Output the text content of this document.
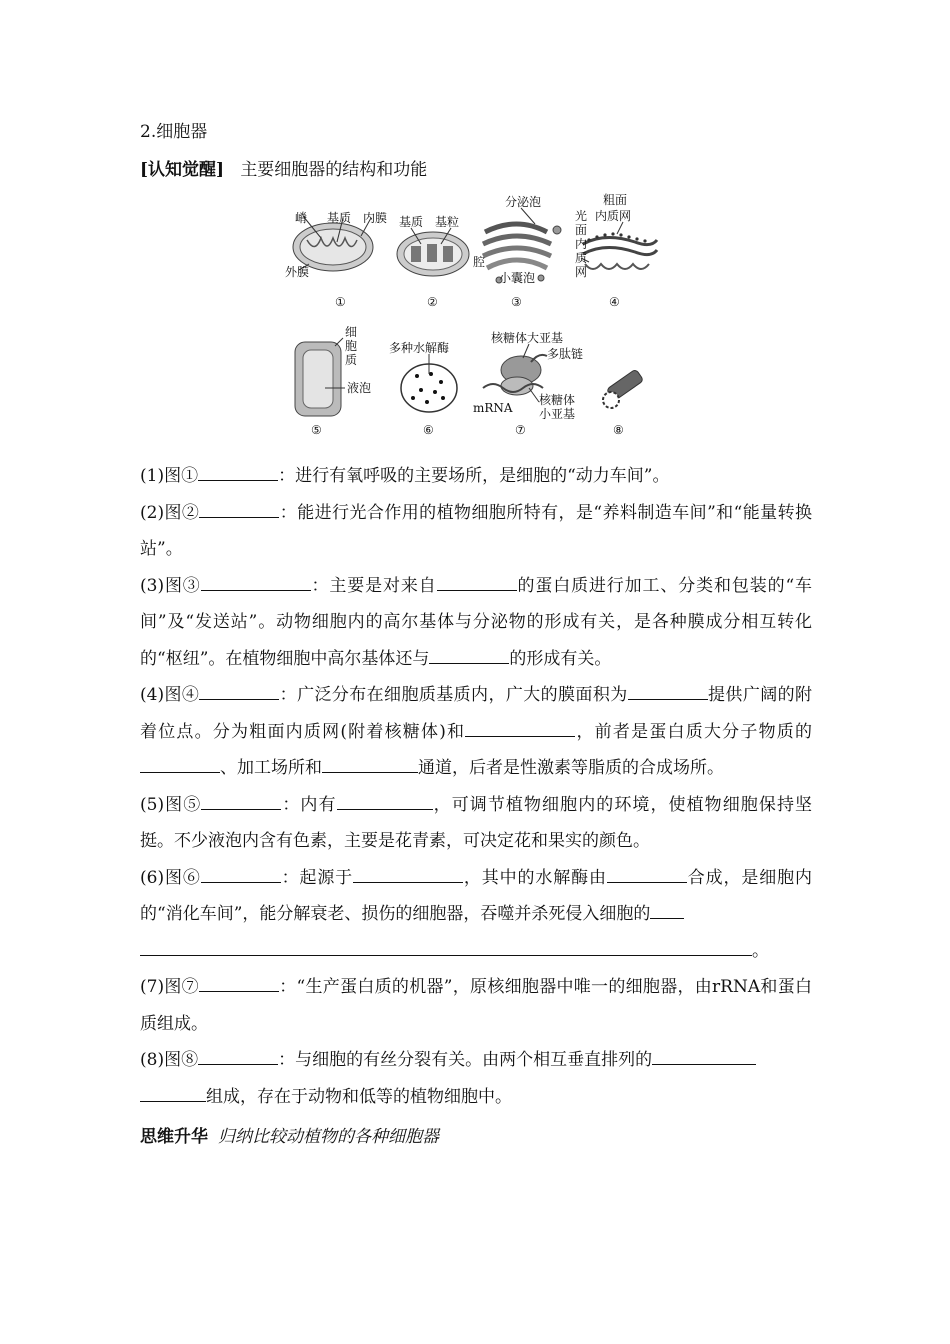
2.细胞器
[认知觉醒] 主要细胞器的结构和功能
嵴 基质 内膜
外膜
①
基质 基粒
②
分泌泡
腔
小囊泡
③
粗面
内质网
光
面
内
质
网
④
细
胞
质
液泡
⑤
多种水解酶
⑥
核糖体大亚基
多肽链
mRNA
核糖体
小亚基
⑦	⑧

(1)图①	：进行有氧呼吸的主要场所，是细胞的“动力车间”。

(2)图②	：能进行光合作用的植物细胞所特有，是“养料制造车间”和“能量转换站”。

(3)图③	：主要是对来自	的蛋白质进行加工、分类和包装的“车间”及“发送站”。动物细胞内的高尔基体与分泌物的形成有关，是各种膜成分相互转化的“枢纽”。在植物细胞中高尔基体还与	的形成有关。

(4)图④	：广泛分布在细胞质基质内，广大的膜面积为	提供广阔的附着位点。分为粗面内质网(附着核糖体)和	，前者是蛋白质大分子物质的、加工场所和	通道，后者是性激素等脂质的合成场所。

(5)图⑤	：内有	，可调节植物细胞内的环境，使植物细胞保持坚挺。不少液泡内含有色素，主要是花青素，可决定花和果实的颜色。

(6)图⑥	：起源于	，其中的水解酶由	合成，是细胞内的“消化车间”，能分解衰老、损伤的细胞器，吞噬并杀死侵入细胞的
。

(7)图⑦	：“生产蛋白质的机器”，原核细胞器中唯一的细胞器，由rRNA和蛋白质组成。

(8)图⑧	：与细胞的有丝分裂有关。由两个相互垂直排列的
组成，存在于动物和低等的植物细胞中。

思维升华 归纳比较动植物的各种细胞器
